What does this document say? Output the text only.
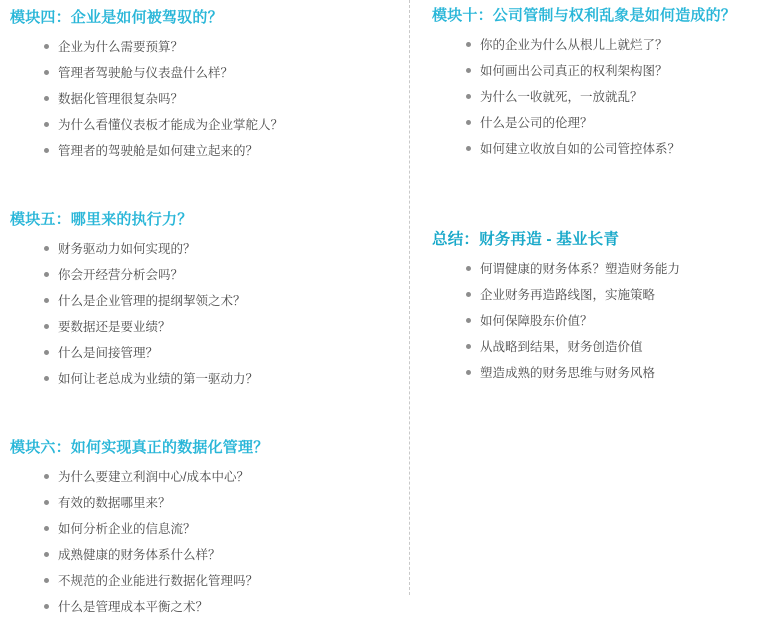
模块四：企业是如何被驾驭的？
企业为什么需要预算？
管理者驾驶舱与仪表盘什么样？
数据化管理很复杂吗？
为什么看懂仪表板才能成为企业掌舵人？
管理者的驾驶舱是如何建立起来的？
模块五：哪里来的执行力？
财务驱动力如何实现的？
你会开经营分析会吗？
什么是企业管理的提纲挈领之术？
要数据还是要业绩？
什么是间接管理？
如何让老总成为业绩的第一驱动力？
模块六：如何实现真正的数据化管理？
为什么要建立利润中心/成本中心？
有效的数据哪里来？
如何分析企业的信息流？
成熟健康的财务体系什么样？
不规范的企业能进行数据化管理吗？
什么是管理成本平衡之术？
模块十：公司管制与权利乱象是如何造成的？
你的企业为什么从根儿上就烂了？
如何画出公司真正的权利架构图？
为什么一收就死，一放就乱？
什么是公司的伦理？
如何建立收放自如的公司管控体系？
总结：财务再造 - 基业长青
何谓健康的财务体系？塑造财务能力
企业财务再造路线图，实施策略
如何保障股东价值？
从战略到结果，财务创造价值
塑造成熟的财务思维与财务风格
